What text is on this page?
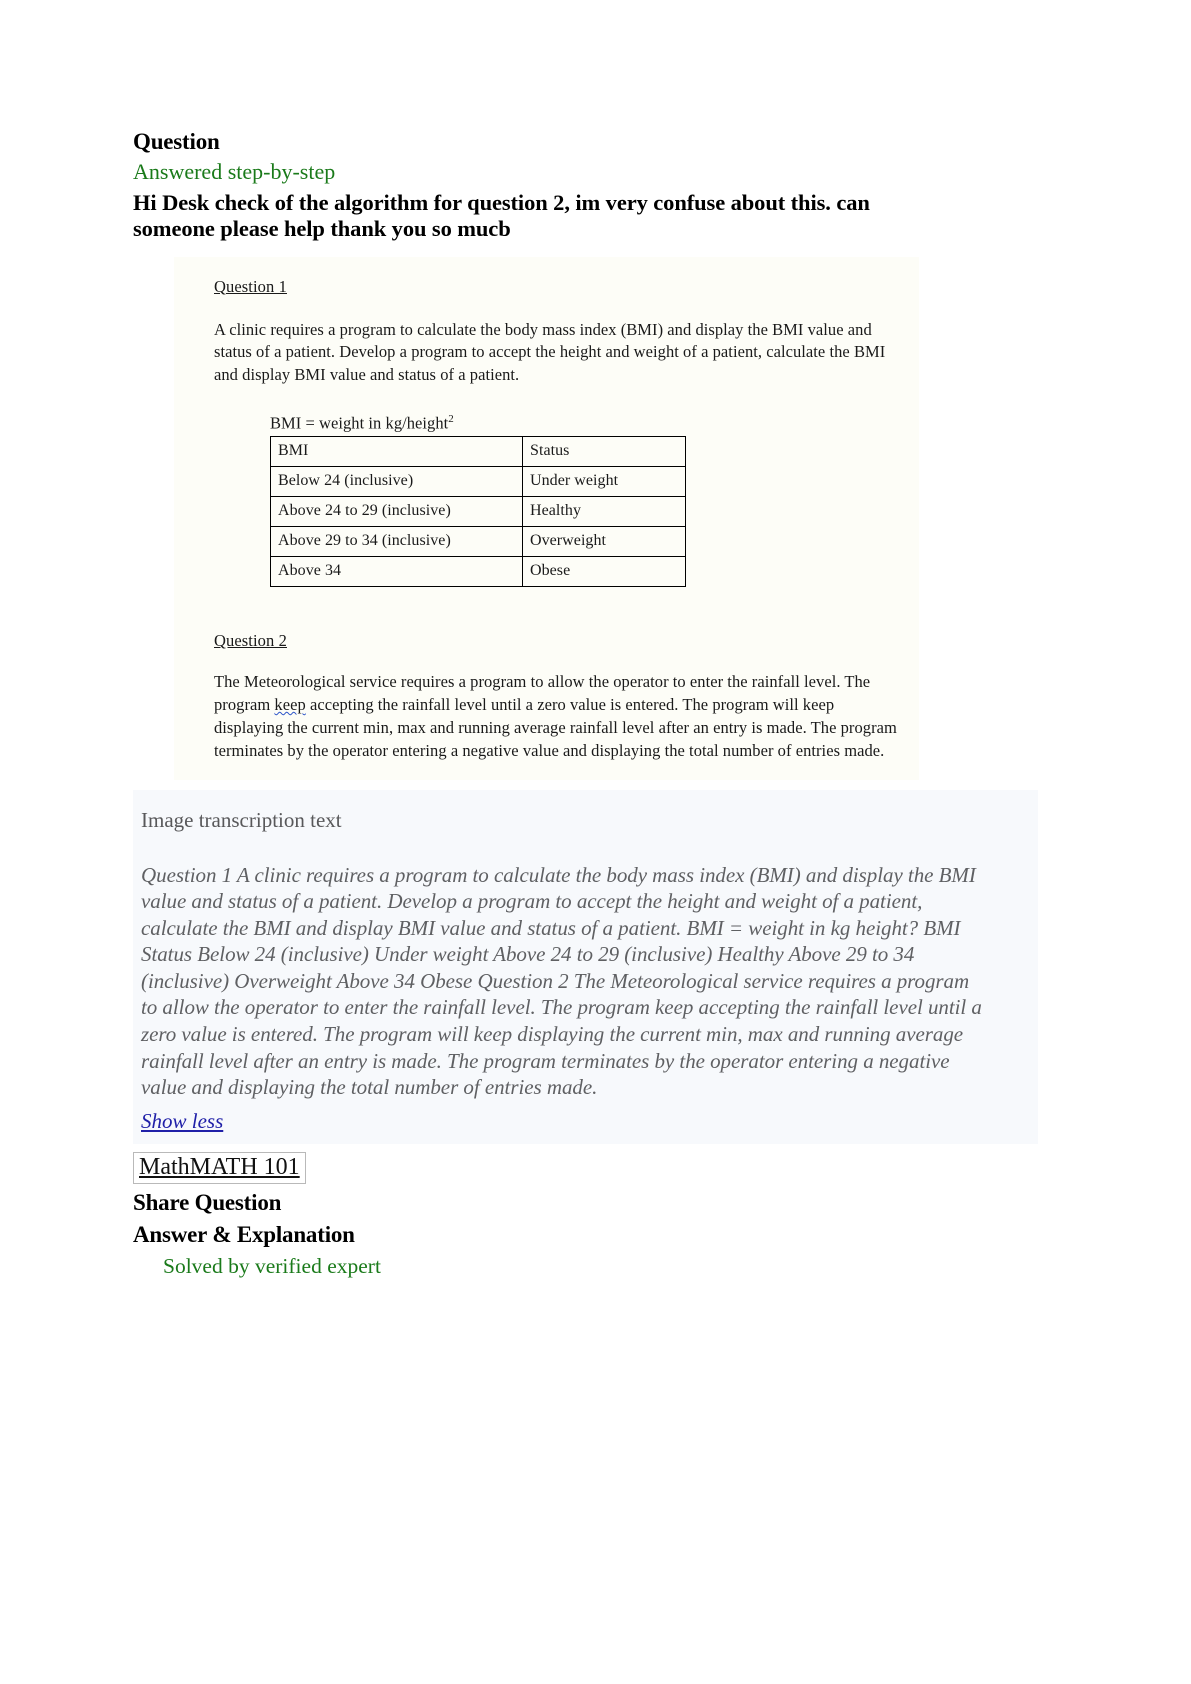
Question
Answered step-by-step

Hi Desk check of the algorithm for question 2, im very confuse about this. can someone please help thank you so mucb

Question 1

A clinic requires a program to calculate the body mass index (BMI) and display the BMI value and status of a patient. Develop a program to accept the height and weight of a patient, calculate the BMI and display BMI value and status of a patient.

BMI = weight in kg/height$^2$
BMI	Status
Below 24 (inclusive)	Under weight
Above 24 to 29 (inclusive)	Healthy
Above 29 to 34 (inclusive)	Overweight
Above 34	Obese
Question 2

The Meteorological service requires a program to allow the operator to enter the rainfall level. The program keep accepting the rainfall level until a zero value is entered. The program will keep displaying the current min, max and running average rainfall level after an entry is made. The program terminates by the operator entering a negative value and displaying the total number of entries made.

Image transcription text

Question 1 A clinic requires a program to calculate the body mass index (BMI) and display the BMI value and status of a patient. Develop a program to accept the height and weight of a patient, calculate the BMI and display BMI value and status of a patient. BMI = weight in kg height? BMI Status Below 24 (inclusive) Under weight Above 24 to 29 (inclusive) Healthy Above 29 to 34 (inclusive) Overweight Above 34 Obese Question 2 The Meteorological service requires a program to allow the operator to enter the rainfall level. The program keep accepting the rainfall level until a zero value is entered. The program will keep displaying the current min, max and running average rainfall level after an entry is made. The program terminates by the operator entering a negative value and displaying the total number of entries made.

Show less
MathMATH 101
Share Question
Answer & Explanation
Solved by verified expert
